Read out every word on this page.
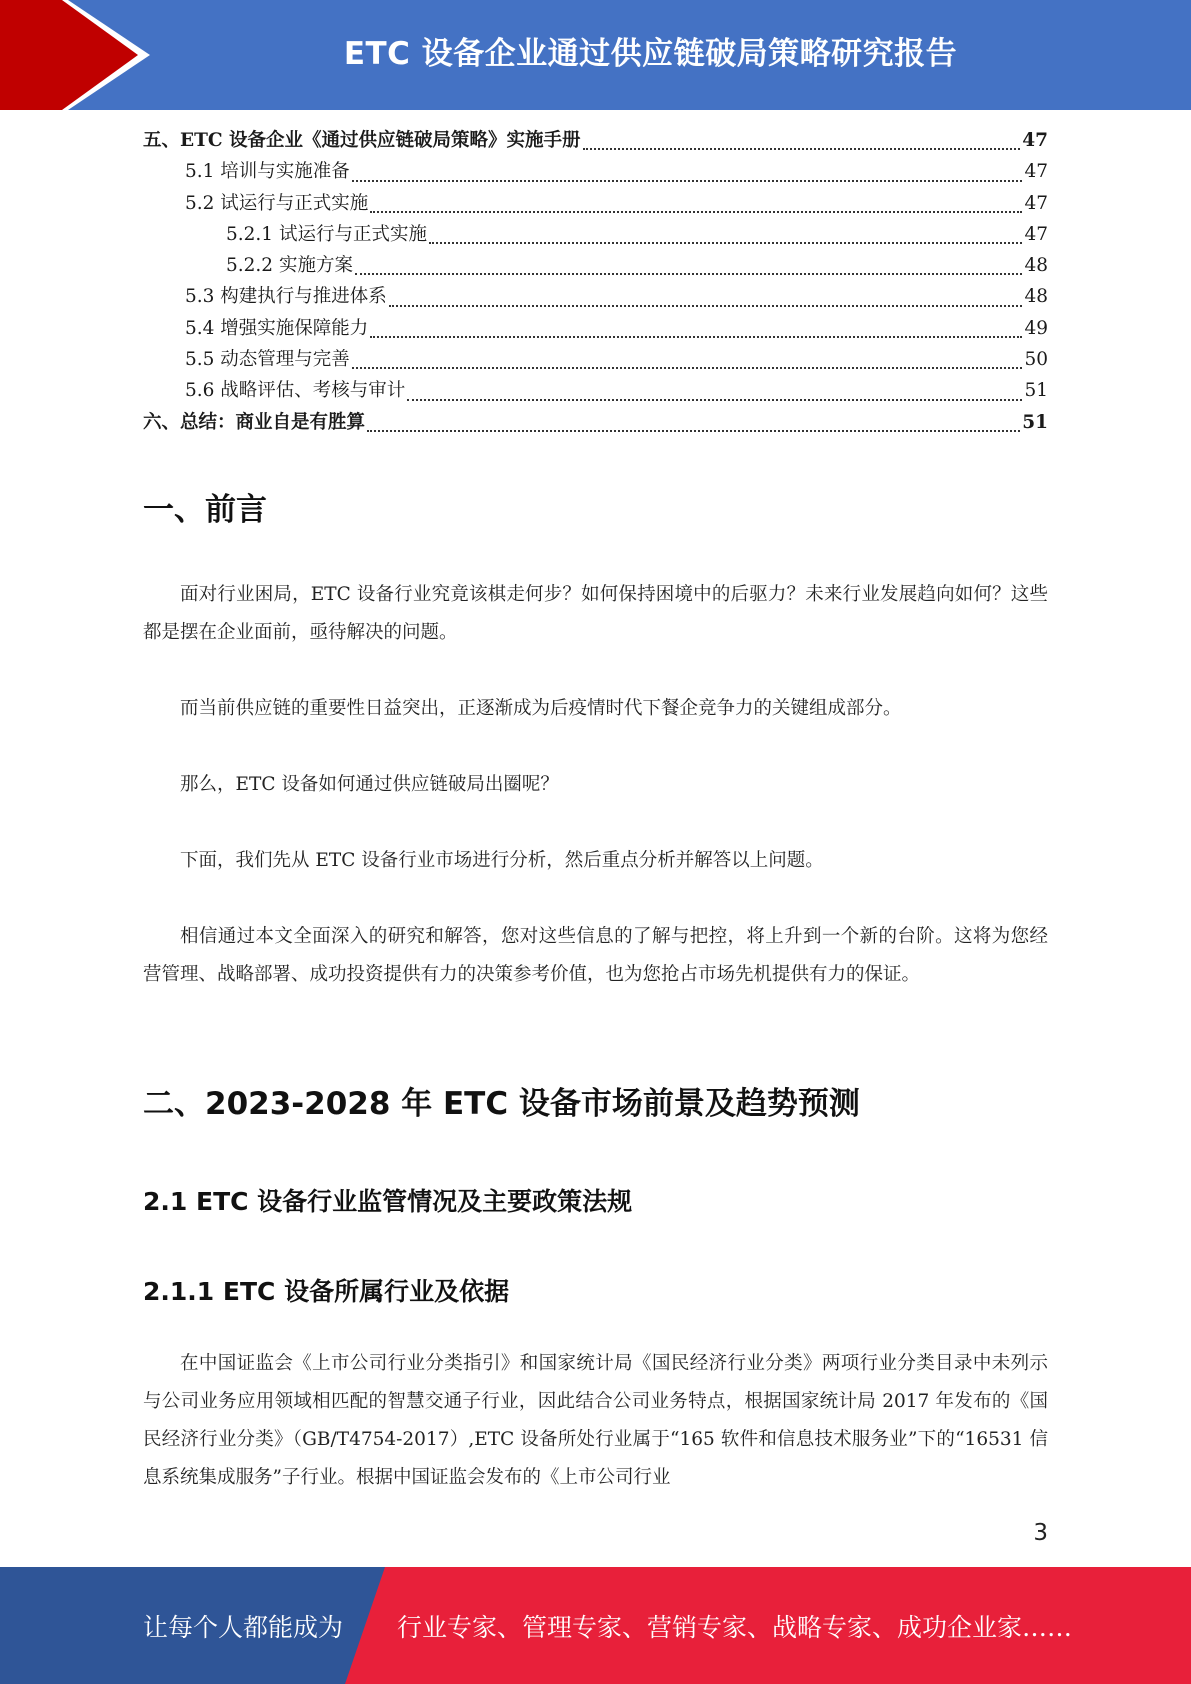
ETC 设备企业通过供应链破局策略研究报告
五、ETC 设备企业《通过供应链破局策略》实施手册	47
5.1 培训与实施准备	47
5.2 试运行与正式实施	47
5.2.1 试运行与正式实施	47
5.2.2 实施方案	48
5.3 构建执行与推进体系	48
5.4 增强实施保障能力	49
5.5 动态管理与完善	50
5.6 战略评估、考核与审计	51
六、总结：商业自是有胜算	51
一、前言

面对行业困局，ETC 设备行业究竟该棋走何步？如何保持困境中的后驱力？未来行业发展趋向如何？这些都是摆在企业面前，亟待解决的问题。

而当前供应链的重要性日益突出，正逐渐成为后疫情时代下餐企竞争力的关键组成部分。

那么，ETC 设备如何通过供应链破局出圈呢？

下面，我们先从 ETC 设备行业市场进行分析，然后重点分析并解答以上问题。

相信通过本文全面深入的研究和解答，您对这些信息的了解与把控，将上升到一个新的台阶。这将为您经营管理、战略部署、成功投资提供有力的决策参考价值，也为您抢占市场先机提供有力的保证。

二、2023-2028 年 ETC 设备市场前景及趋势预测
2.1 ETC 设备行业监管情况及主要政策法规
2.1.1 ETC 设备所属行业及依据

在中国证监会《上市公司行业分类指引》和国家统计局《国民经济行业分类》两项行业分类目录中未列示与公司业务应用领域相匹配的智慧交通子行业，因此结合公司业务特点，根据国家统计局 2017 年发布的《国民经济行业分类》（GB/T4754-2017）,ETC 设备所处行业属于“165 软件和信息技术服务业”下的“16531 信息系统集成服务”子行业。根据中国证监会发布的《上市公司行业

3
让每个人都能成为 行业专家、管理专家、营销专家、战略专家、成功企业家……
